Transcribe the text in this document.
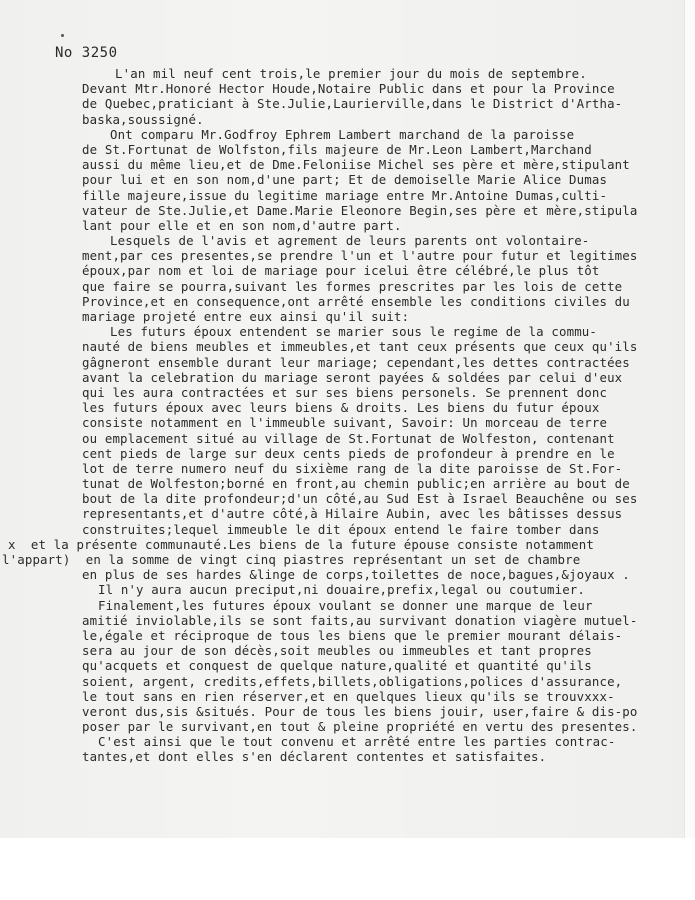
No 3250
L'an mil neuf cent trois,le premier jour du mois de septembre.
Devant Mtr.Honoré Hector Houde,Notaire Public dans et pour la Province
de Quebec,praticiant à Ste.Julie,Laurierville,dans le District d'Artha-
baska,soussigné.
Ont comparu Mr.Godfroy Ephrem Lambert marchand de la paroisse
de St.Fortunat de Wolfston,fils majeure de Mr.Leon Lambert,Marchand
aussi du même lieu,et de Dme.Feloniise Michel ses père et mère,stipulant
pour lui et en son nom,d'une part; Et de demoiselle Marie Alice Dumas
fille majeure,issue du legitime mariage entre Mr.Antoine Dumas,culti-
vateur de Ste.Julie,et Dame.Marie Eleonore Begin,ses père et mère,stipula
lant pour elle et en son nom,d'autre part.
Lesquels de l'avis et agrement de leurs parents ont volontaire-
ment,par ces presentes,se prendre l'un et l'autre pour futur et legitimes
époux,par nom et loi de mariage pour icelui être célébré,le plus tôt
que faire se pourra,suivant les formes prescrites par les lois de cette
Province,et en consequence,ont arrêté ensemble les conditions civiles du
mariage projeté entre eux ainsi qu'il suit:
Les futurs époux entendent se marier sous le regime de la commu-
nauté de biens meubles et immeubles,et tant ceux présents que ceux qu'ils
gâgneront ensemble durant leur mariage; cependant,les dettes contractées
avant la celebration du mariage seront payées & soldées par celui d'eux
qui les aura contractées et sur ses biens personels. Se prennent donc
les futurs époux avec leurs biens & droits. Les biens du futur époux
consiste notamment en l'immeuble suivant, Savoir: Un morceau de terre
ou emplacement situé au village de St.Fortunat de Wolfeston, contenant
cent pieds de large sur deux cents pieds de profondeur à prendre en le
lot de terre numero neuf du sixième rang de la dite paroisse de St.For-
tunat de Wolfeston;borné en front,au chemin public;en arrière au bout de
bout de la dite profondeur;d'un côté,au Sud Est à Israel Beauchêne ou ses
representants,et d'autre côté,à Hilaire Aubin, avec les bâtisses dessus
construites;lequel immeuble le dit époux entend le faire tomber dans
x  et la présente communauté.Les biens de la future épouse consiste notamment
l'appart)  en la somme de vingt cinq piastres représentant un set de chambre
en plus de ses hardes &linge de corps,toilettes de noce,bagues,&joyaux .
Il n'y aura aucun preciput,ni douaire,prefix,legal ou coutumier.
Finalement,les futures époux voulant se donner une marque de leur
amitié inviolable,ils se sont faits,au survivant donation viagère mutuel-
le,égale et réciproque de tous les biens que le premier mourant délais-
sera au jour de son décès,soit meubles ou immeubles et tant propres
qu'acquets et conquest de quelque nature,qualité et quantité qu'ils
soient, argent, credits,effets,billets,obligations,polices d'assurance,
le tout sans en rien réserver,et en quelques lieux qu'ils se trouvxxx-
veront dus,sis &situés. Pour de tous les biens jouir, user,faire & dis-po
poser par le survivant,en tout & pleine propriété en vertu des presentes.
C'est ainsi que le tout convenu et arrêté entre les parties contrac-
tantes,et dont elles s'en déclarent contentes et satisfaites.
